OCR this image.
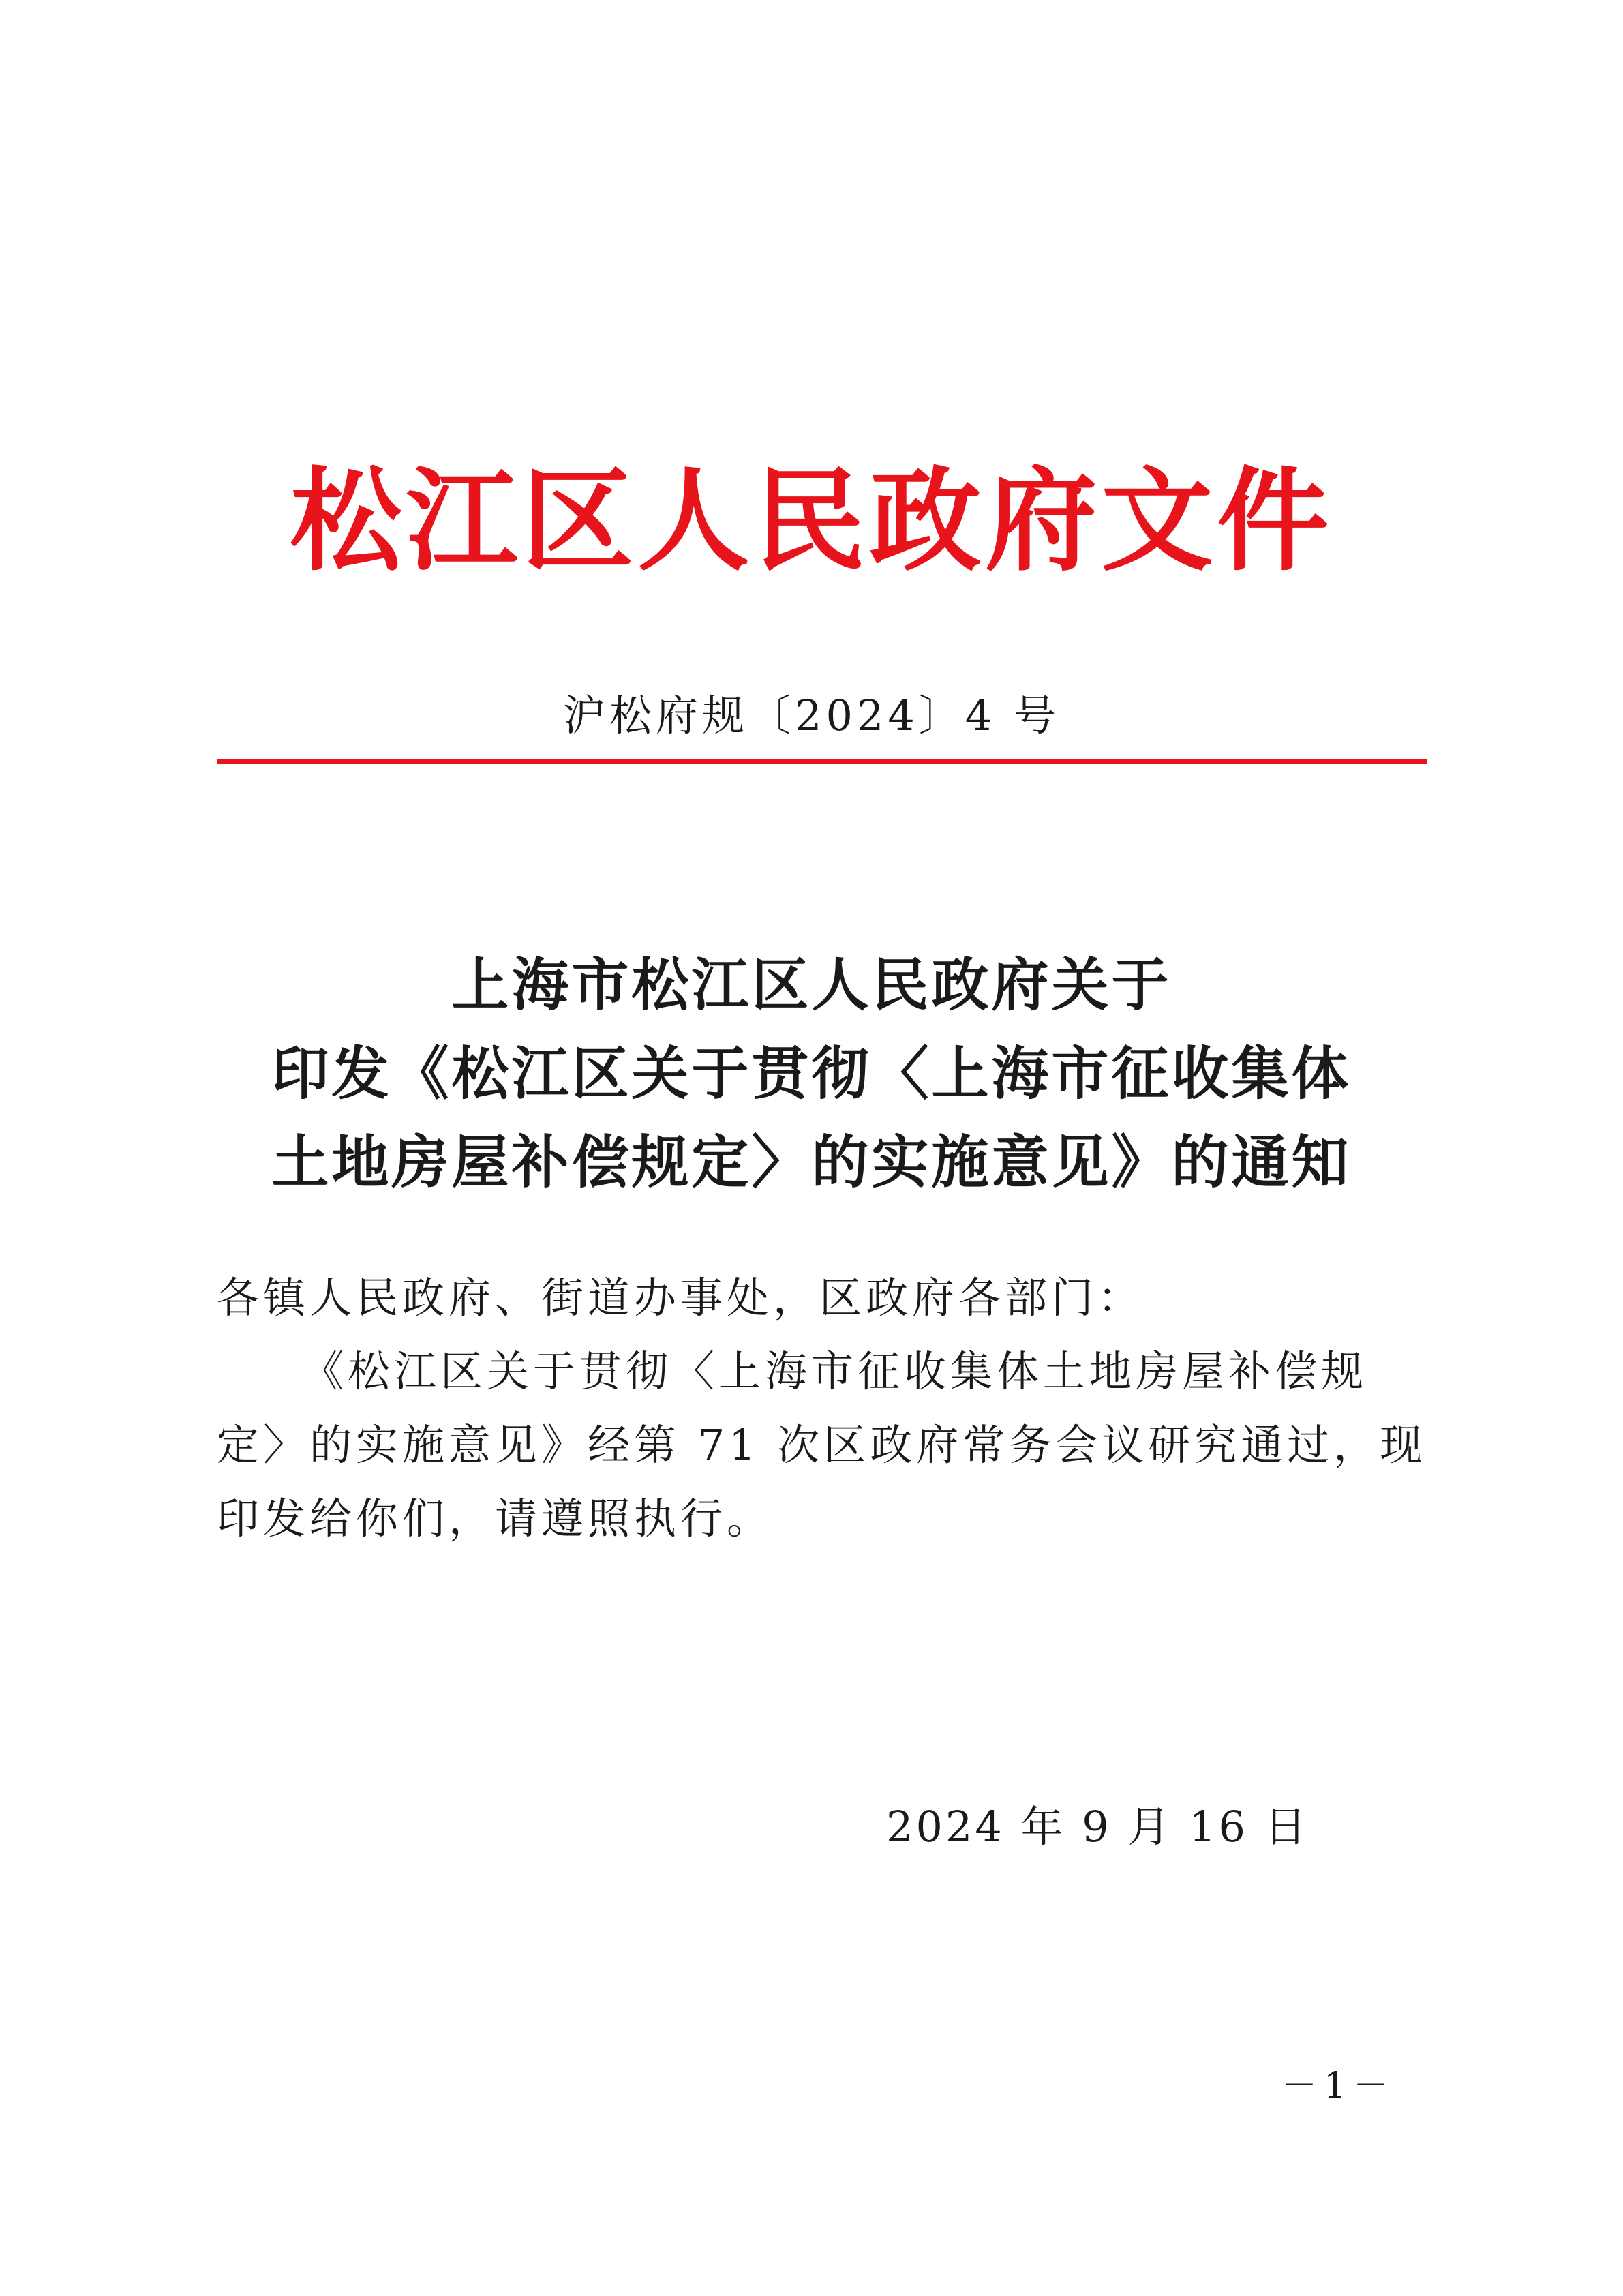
松江区人民政府文件
沪松府规〔2024〕4 号
上海市松江区人民政府关于
印发《松江区关于贯彻〈上海市征收集体
土地房屋补偿规定〉的实施意见》的通知

各镇人民政府、街道办事处，区政府各部门：

《松江区关于贯彻〈上海市征收集体土地房屋补偿规定〉的实施意见》经第 71 次区政府常务会议研究通过，现印发给你们，请遵照执行。

2024 年 9 月 16 日
－1－
